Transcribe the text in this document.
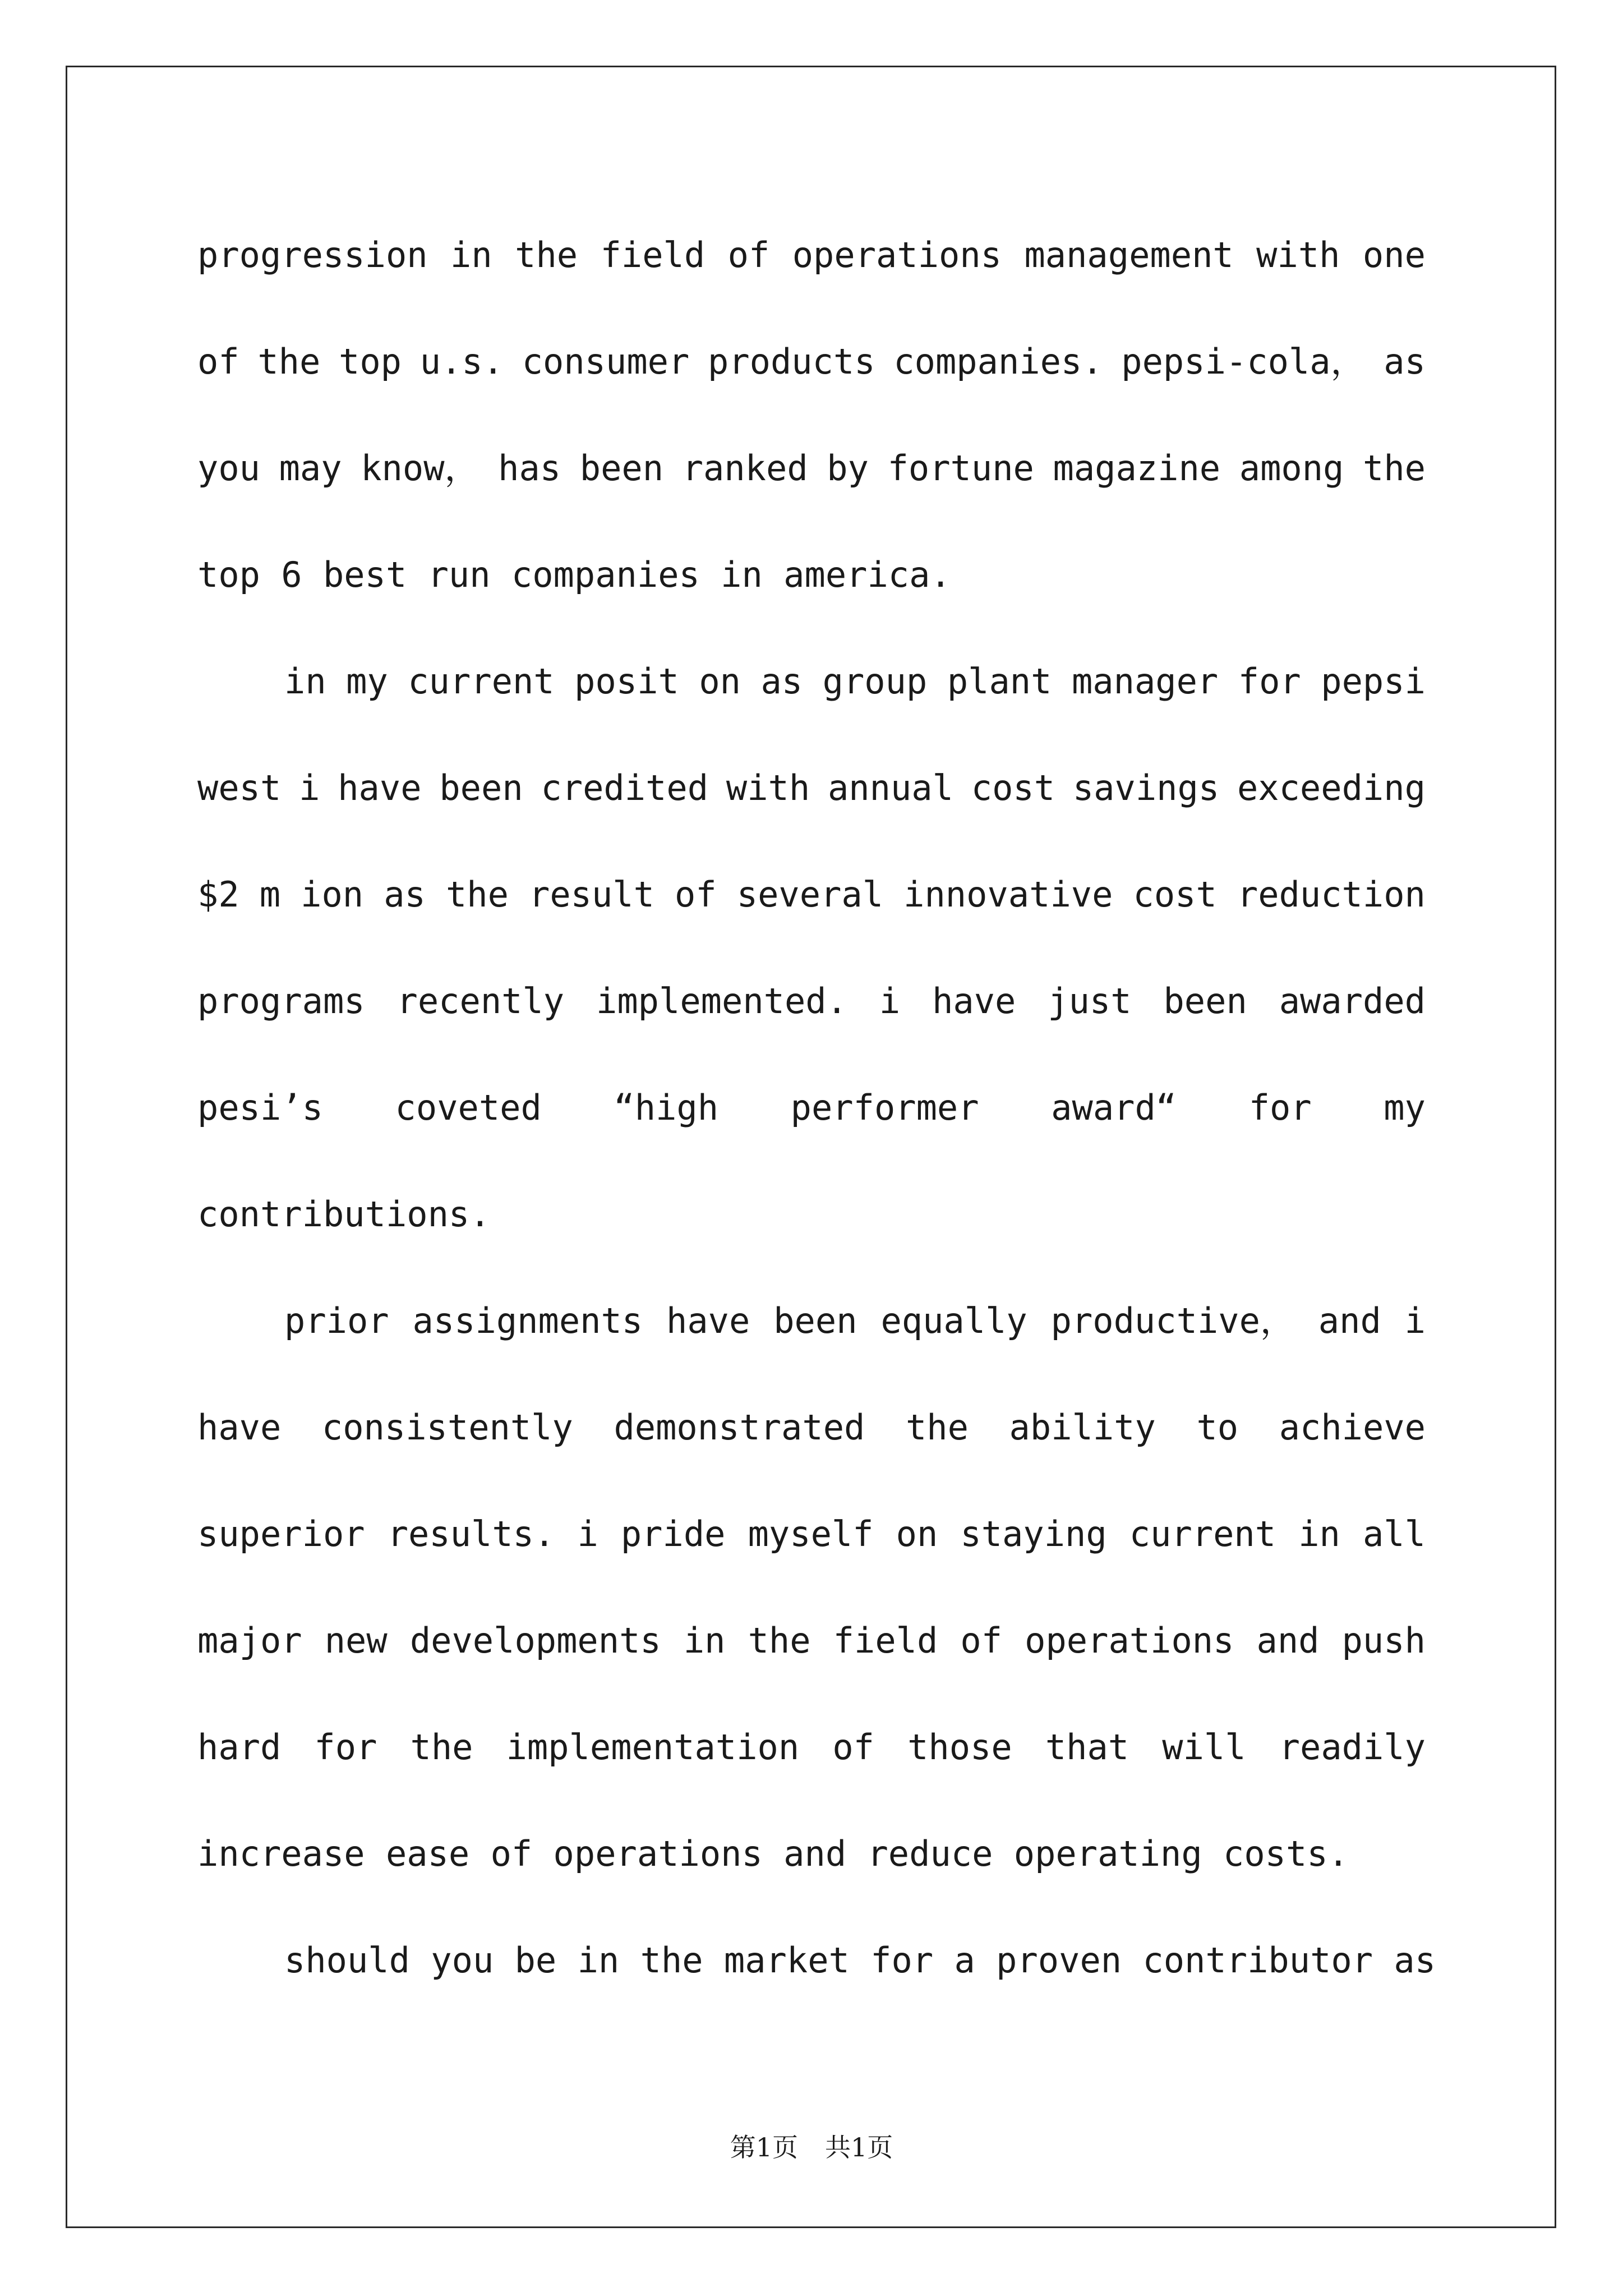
progression in the field of operations management with one
of the top u.s. consumer products companies. pepsi-cola， as
you may know， has been ranked by fortune magazine among the
top 6 best run companies in america.
in my current posit on as group plant manager for pepsi
west i have been credited with annual cost savings exceeding
$2 m ion as the result of several innovative cost reduction
programs recently implemented. i have just been awarded
pesi’s coveted “high performer award“ for my
contributions.
prior assignments have been equally productive， and i
have consistently demonstrated the ability to achieve
superior results. i pride myself on staying current in all
major new developments in the field of operations and push
hard for the implementation of those that will readily
increase ease of operations and reduce operating costs.
should you be in the market for a proven contributor as
第1页 共1页
